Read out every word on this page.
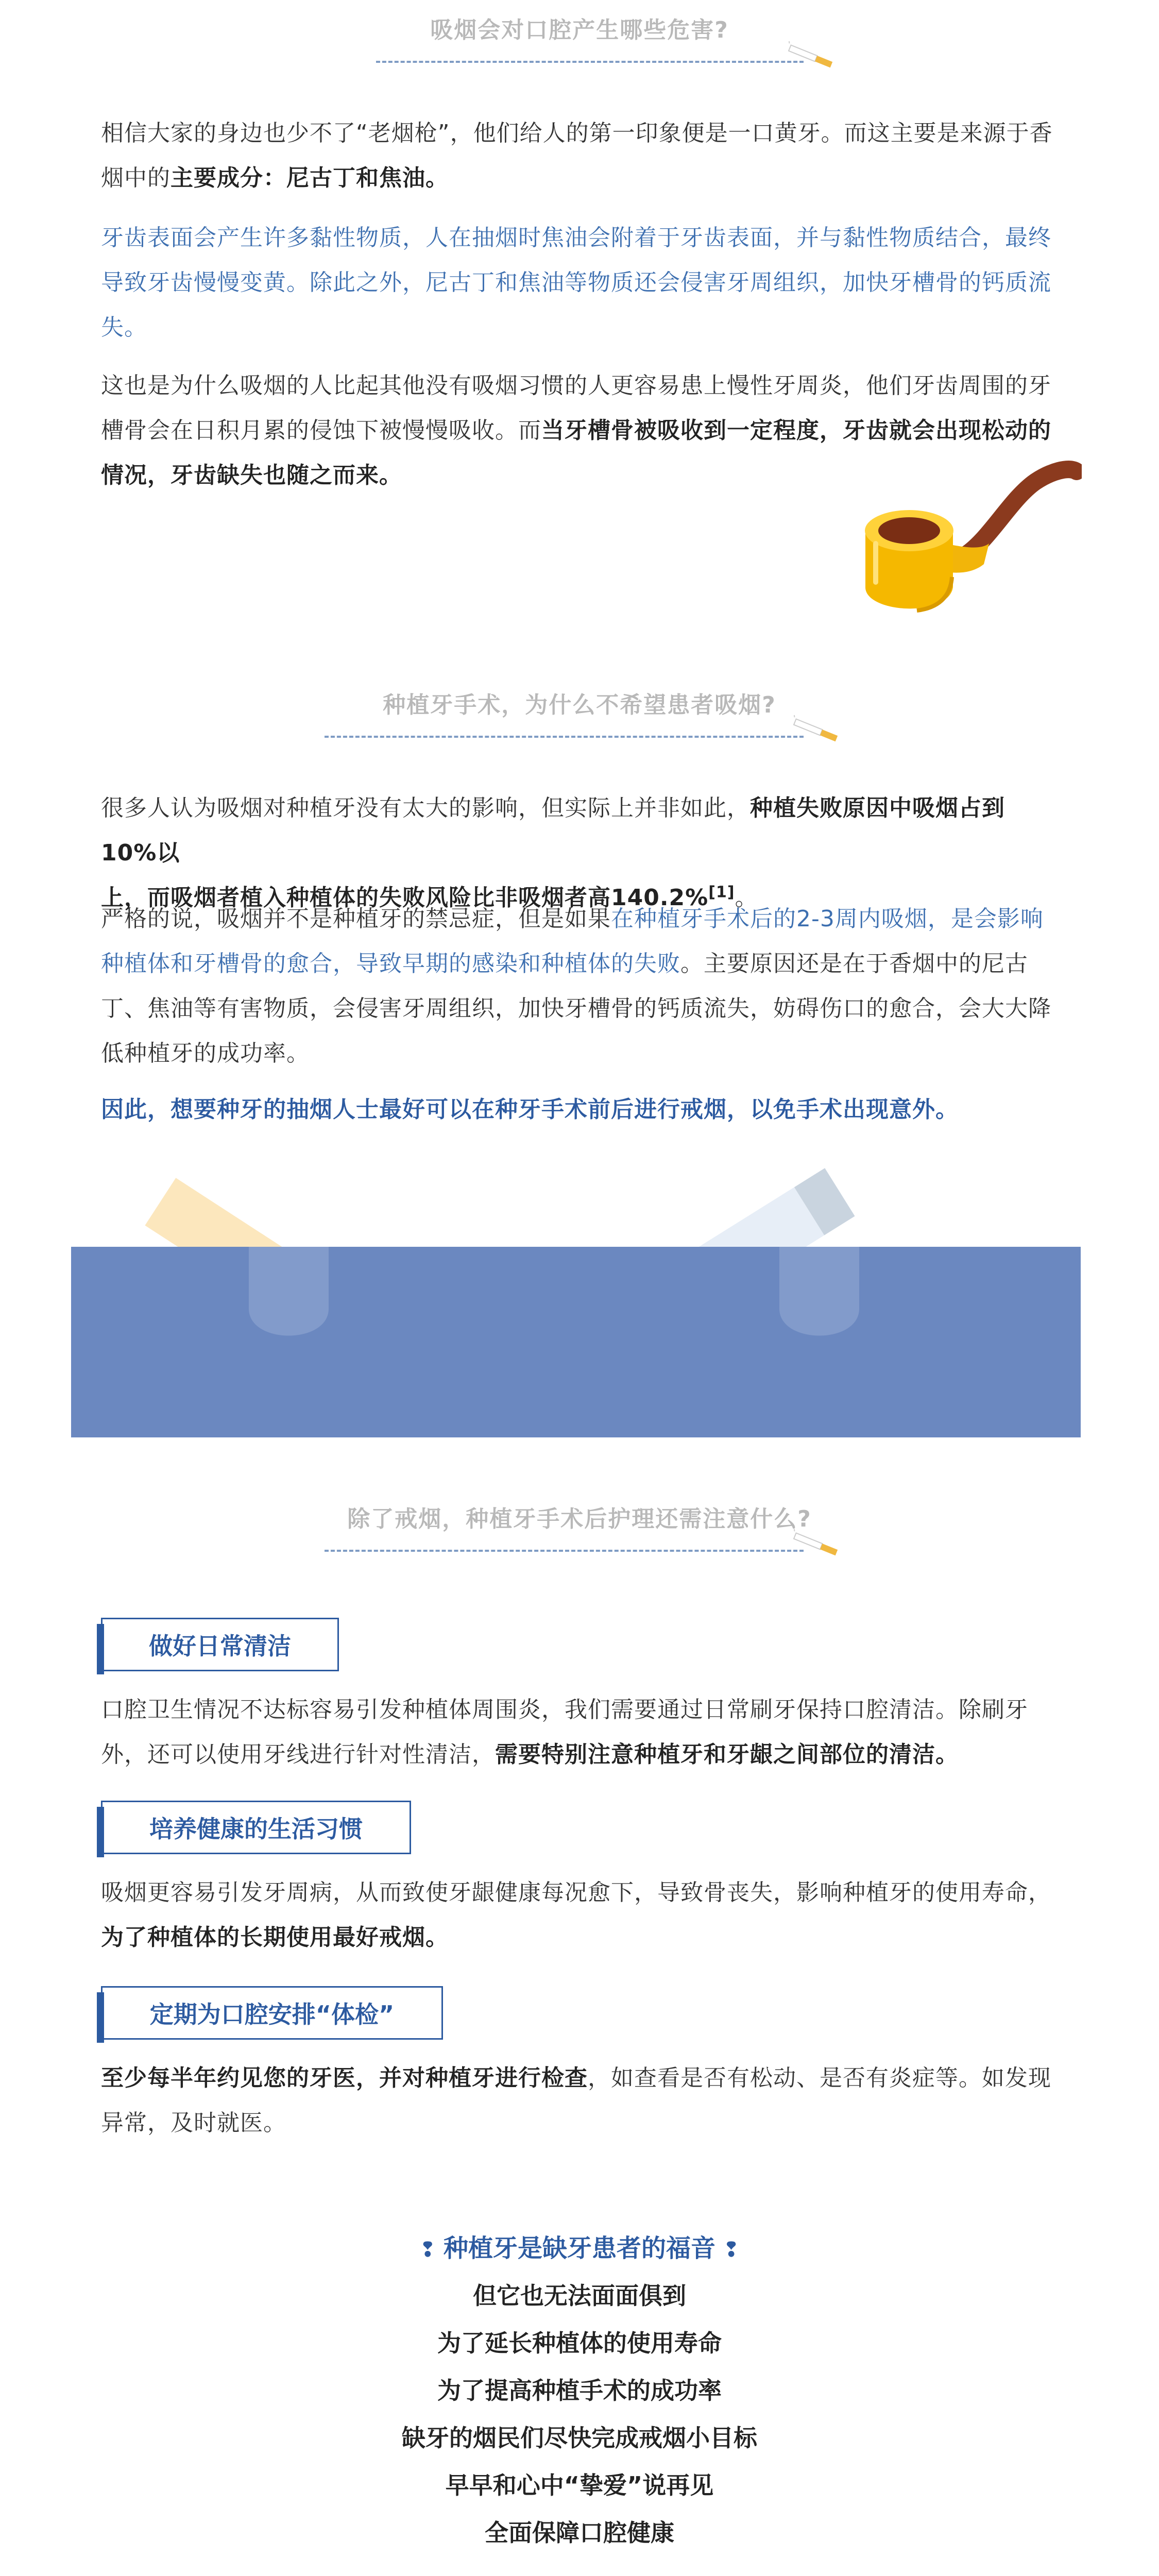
吸烟会对口腔产生哪些危害?
相信大家的身边也少不了“老烟枪”，他们给人的第一印象便是一口黄牙。而这主要是来源于香
烟中的主要成分：尼古丁和焦油。
牙齿表面会产生许多黏性物质，人在抽烟时焦油会附着于牙齿表面，并与黏性物质结合，最终
导致牙齿慢慢变黄。除此之外，尼古丁和焦油等物质还会侵害牙周组织，加快牙槽骨的钙质流
失。
这也是为什么吸烟的人比起其他没有吸烟习惯的人更容易患上慢性牙周炎，他们牙齿周围的牙
槽骨会在日积月累的侵蚀下被慢慢吸收。而当牙槽骨被吸收到一定程度，牙齿就会出现松动的
情况，牙齿缺失也随之而来。
种植牙手术，为什么不希望患者吸烟?
很多人认为吸烟对种植牙没有太大的影响，但实际上并非如此，种植失败原因中吸烟占到10%以
上，而吸烟者植入种植体的失败风险比非吸烟者高140.2%[1]。
严格的说，吸烟并不是种植牙的禁忌症，但是如果在种植牙手术后的2-3周内吸烟，是会影响
种植体和牙槽骨的愈合，导致早期的感染和种植体的失败。主要原因还是在于香烟中的尼古
丁、焦油等有害物质，会侵害牙周组织，加快牙槽骨的钙质流失，妨碍伤口的愈合，会大大降
低种植牙的成功率。
因此，想要种牙的抽烟人士最好可以在种牙手术前后进行戒烟，以免手术出现意外。
除了戒烟，种植牙手术后护理还需注意什么?
做好日常清洁
口腔卫生情况不达标容易引发种植体周围炎，我们需要通过日常刷牙保持口腔清洁。除刷牙
外，还可以使用牙线进行针对性清洁，需要特别注意种植牙和牙龈之间部位的清洁。
培养健康的生活习惯
吸烟更容易引发牙周病，从而致使牙龈健康每况愈下，导致骨丧失，影响种植牙的使用寿命，
为了种植体的长期使用最好戒烟。
定期为口腔安排“体检”
至少每半年约见您的牙医，并对种植牙进行检查，如查看是否有松动、是否有炎症等。如发现
异常，及时就医。
❢ 种植牙是缺牙患者的福音 ❢
但它也无法面面俱到
为了延长种植体的使用寿命
为了提高种植手术的成功率
缺牙的烟民们尽快完成戒烟小目标
早早和心中“挚爱”说再见
全面保障口腔健康
